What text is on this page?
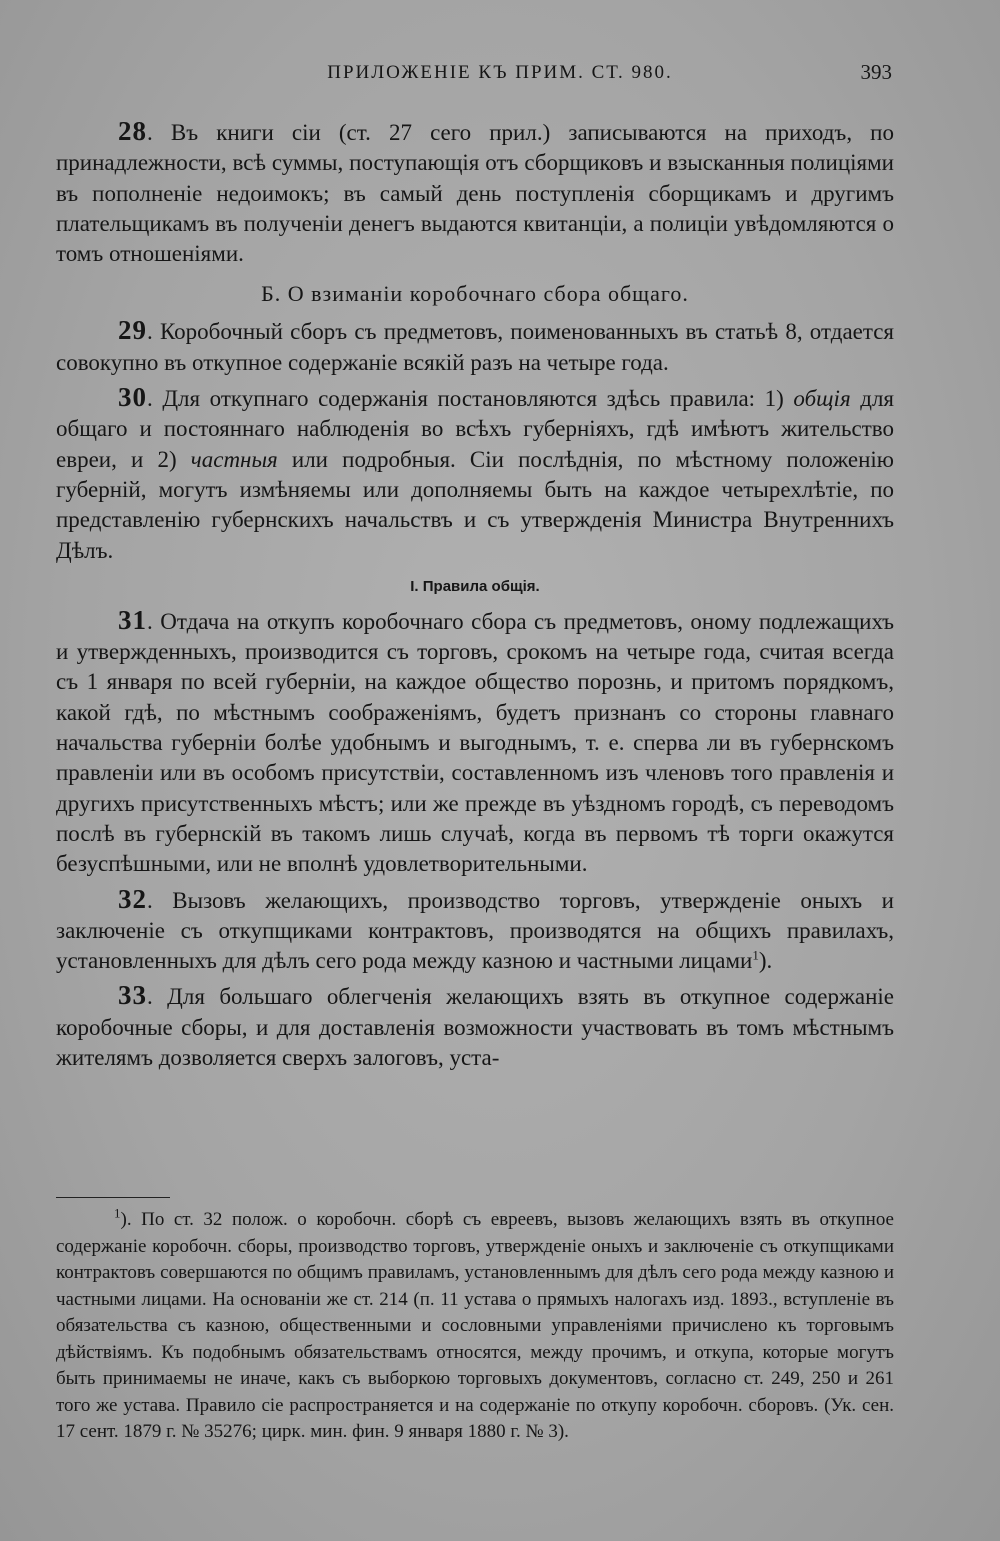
ПРИЛОЖЕНІЕ КЪ ПРИМ. СТ. 980.	393

28. Въ книги сіи (ст. 27 сего прил.) записываются на приходъ, по принадлежности, всѣ суммы, поступающія отъ сборщиковъ и взысканныя полиціями въ пополненіе недоимокъ; въ самый день поступленія сборщикамъ и другимъ плательщикамъ въ полученіи денегъ выдаются квитанціи, а полиціи увѣдомляются о томъ отношеніями.

Б. О взиманіи коробочнаго сбора общаго.

29. Коробочный сборъ съ предметовъ, поименованныхъ въ статьѣ 8, отдается совокупно въ откупное содержаніе всякій разъ на четыре года.

30. Для откупнаго содержанія постановляются здѣсь правила: 1) общія для общаго и постояннаго наблюденія во всѣхъ губерніяхъ, гдѣ имѣютъ жительство евреи, и 2) частныя или подробныя. Сіи послѣднія, по мѣстному положенію губерній, могутъ измѣняемы или дополняемы быть на каждое четырехлѣтіе, по представленію губернскихъ начальствъ и съ утвержденія Министра Внутреннихъ Дѣлъ.

I. Правила общія.

31. Отдача на откупъ коробочнаго сбора съ предметовъ, оному подлежащихъ и утвержденныхъ, производится съ торговъ, срокомъ на четыре года, считая всегда съ 1 января по всей губерніи, на каждое общество порознь, и притомъ порядкомъ, какой гдѣ, по мѣстнымъ соображеніямъ, будетъ признанъ со стороны главнаго начальства губерніи болѣе удобнымъ и выгоднымъ, т. е. сперва ли въ губернскомъ правленіи или въ особомъ присутствіи, составленномъ изъ членовъ того правленія и другихъ присутственныхъ мѣстъ; или же прежде въ уѣздномъ городѣ, съ переводомъ послѣ въ губернскій въ такомъ лишь случаѣ, когда въ первомъ тѣ торги окажутся безуспѣшными, или не вполнѣ удовлетворительными.

32. Вызовъ желающихъ, производство торговъ, утвержденіе оныхъ и заключеніе съ откупщиками контрактовъ, производятся на общихъ правилахъ, установленныхъ для дѣлъ сего рода между казною и частными лицами$^1$).

33. Для большаго облегченія желающихъ взять въ откупное содержаніе коробочные сборы, и для доставленія возможности участвовать въ томъ мѣстнымъ жителямъ дозволяется сверхъ залоговъ, уста-

$^1$). По ст. 32 полож. о коробочн. сборѣ съ евреевъ, вызовъ желающихъ взять въ откупное содержаніе коробочн. сборы, производство торговъ, утвержденіе оныхъ и заключеніе съ откупщиками контрактовъ совершаются по общимъ правиламъ, установленнымъ для дѣлъ сего рода между казною и частными лицами. На основаніи же ст. 214 (п. 11 устава о прямыхъ налогахъ изд. 1893., вступленіе въ обязательства съ казною, общественными и сословными управленіями причислено къ торговымъ дѣйствіямъ. Къ подобнымъ обязательствамъ относятся, между прочимъ, и откупа, которые могутъ быть принимаемы не иначе, какъ съ выборкою торговыхъ документовъ, согласно ст. 249, 250 и 261 того же устава. Правило сіе распространяется и на содержаніе по откупу коробочн. сборовъ. (Ук. сен. 17 сент. 1879 г. № 35276; цирк. мин. фин. 9 января 1880 г. № 3).
